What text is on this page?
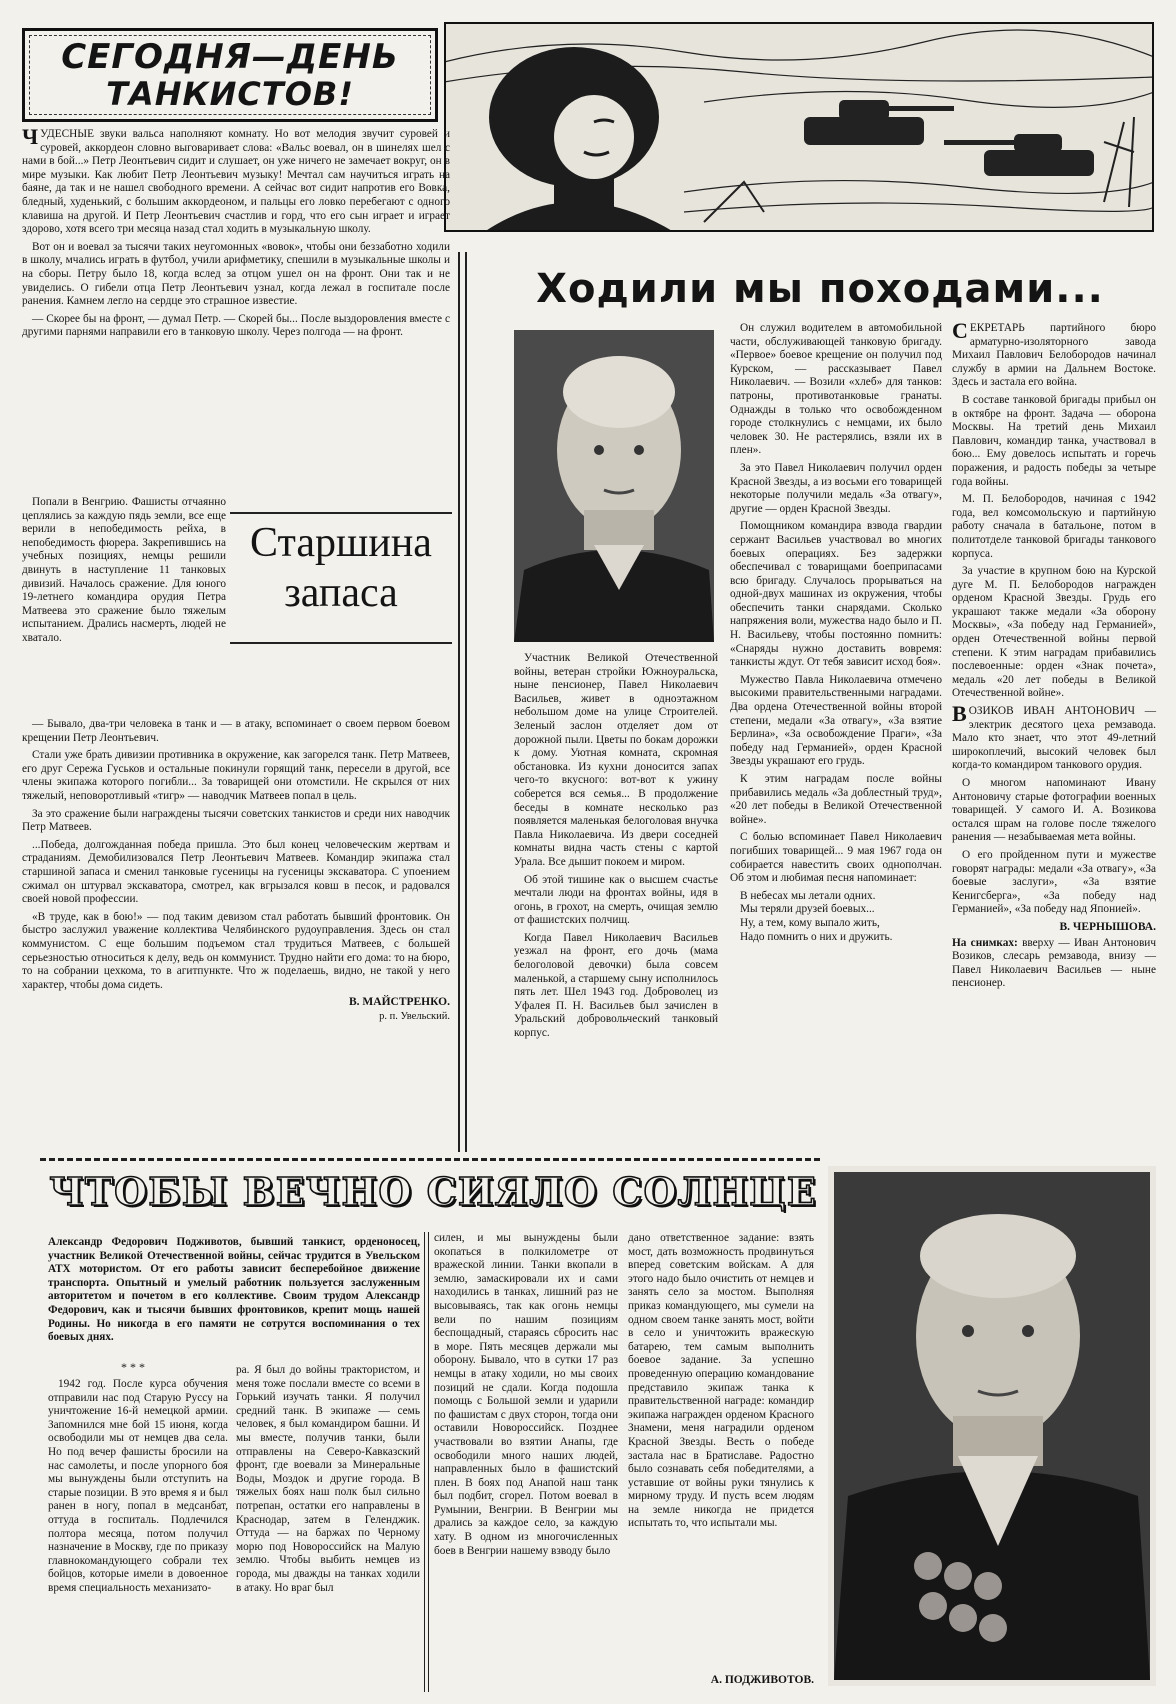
СЕГОДНЯ—ДЕНЬ
ТАНКИСТОВ!

ЧУДЕСНЫЕ звуки вальса наполняют комнату. Но вот мелодия звучит суровей и суровей, аккордеон словно выговаривает слова: «Вальс воевал, он в шинелях шел с нами в бой...» Петр Леонтьевич сидит и слушает, он уже ничего не замечает вокруг, он в мире музыки. Как любит Петр Леонтьевич музыку! Мечтал сам научиться играть на баяне, да так и не нашел свободного времени. А сейчас вот сидит напротив его Вовка, бледный, худенький, с большим аккордеоном, и пальцы его ловко перебегают с одного клавиша на другой. И Петр Леонтьевич счастлив и горд, что его сын играет и играет здорово, хотя всего три месяца назад стал ходить в музыкальную школу.

Вот он и воевал за тысячи таких неугомонных «вовок», чтобы они беззаботно ходили в школу, мчались играть в футбол, учили арифметику, спешили в музыкальные школы и на сборы. Петру было 18, когда вслед за отцом ушел он на фронт. Они так и не увиделись. О гибели отца Петр Леонтьевич узнал, когда лежал в госпитале после ранения. Камнем легло на сердце это страшное известие.

— Скорее бы на фронт, — думал Петр. — Скорей бы... После выздоровления вместе с другими парнями направили его в танковую школу. Через полгода — на фронт.

Попали в Венгрию. Фашисты отчаянно цеплялись за каждую пядь земли, все еще верили в непобедимость рейха, в непобедимость фюрера. Закрепившись на учебных позициях, немцы решили двинуть в наступление 11 танковых дивизий. Началось сражение. Для юного 19-летнего командира орудия Петра Матвеева это сражение было тяжелым испытанием. Дрались насмерть, людей не хватало.

Старшина
запаса

— Бывало, два-три человека в танк и — в атаку, вспоминает о своем первом боевом крещении Петр Леонтьевич.

Стали уже брать дивизии противника в окружение, как загорелся танк. Петр Матвеев, его друг Сережа Гуськов и остальные покинули горящий танк, пересели в другой, все члены экипажа которого погибли... За товарищей они отомстили. Не скрылся от них тяжелый, неповоротливый «тигр» — наводчик Матвеев попал в цель.

За это сражение были награждены тысячи советских танкистов и среди них наводчик Петр Матвеев.

...Победа, долгожданная победа пришла. Это был конец человеческим жертвам и страданиям. Демобилизовался Петр Леонтьевич Матвеев. Командир экипажа стал старшиной запаса и сменил танковые гусеницы на гусеницы экскаватора. С упоением сжимал он штурвал экскаватора, смотрел, как вгрызался ковш в песок, и радовался своей новой профессии.

«В труде, как в бою!» — под таким девизом стал работать бывший фронтовик. Он быстро заслужил уважение коллектива Челябинского рудоуправления. Здесь он стал коммунистом. С еще большим подъемом стал трудиться Матвеев, с большей серьезностью относиться к делу, ведь он коммунист. Трудно найти его дома: то на бюро, то на собрании цехкома, то в агитпункте. Что ж поделаешь, видно, не такой у него характер, чтобы дома сидеть.

В. МАЙСТРЕНКО.
р. п. Увельский.
Ходили мы походами...

Участник Великой Отечественной войны, ветеран стройки Южноуральска, ныне пенсионер, Павел Николаевич Васильев, живет в одноэтажном небольшом доме на улице Строителей. Зеленый заслон отделяет дом от дорожной пыли. Цветы по бокам дорожки к дому. Уютная комната, скромная обстановка. Из кухни доносится запах чего-то вкусного: вот-вот к ужину соберется вся семья... В продолжение беседы в комнате несколько раз появляется маленькая белоголовая внучка Павла Николаевича. Из двери соседней комнаты видна часть стены с картой Урала. Все дышит покоем и миром.

Об этой тишине как о высшем счастье мечтали люди на фронтах войны, идя в огонь, в грохот, на смерть, очищая землю от фашистских полчищ.

Когда Павел Николаевич Васильев уезжал на фронт, его дочь (мама белоголовой девочки) была совсем маленькой, а старшему сыну исполнилось пять лет. Шел 1943 год. Доброволец из Уфалея П. Н. Васильев был зачислен в Уральский добровольческий танковый корпус.

Он служил водителем в автомобильной части, обслуживающей танковую бригаду. «Первое» боевое крещение он получил под Курском, — рассказывает Павел Николаевич. — Возили «хлеб» для танков: патроны, противотанковые гранаты. Однажды в только что освобожденном городе столкнулись с немцами, их было человек 30. Не растерялись, взяли их в плен».

За это Павел Николаевич получил орден Красной Звезды, а из восьми его товарищей некоторые получили медаль «За отвагу», другие — орден Красной Звезды.

Помощником командира взвода гвардии сержант Васильев участвовал во многих боевых операциях. Без задержки обеспечивал с товарищами боеприпасами всю бригаду. Случалось прорываться на одной-двух машинах из окружения, чтобы обеспечить танки снарядами. Сколько напряжения воли, мужества надо было и П. Н. Васильеву, чтобы постоянно помнить: «Снаряды нужно доставить вовремя: танкисты ждут. От тебя зависит исход боя».

Мужество Павла Николаевича отмечено высокими правительственными наградами. Два ордена Отечественной войны второй степени, медали «За отвагу», «За взятие Берлина», «За освобождение Праги», «За победу над Германией», орден Красной Звезды украшают его грудь.

К этим наградам после войны прибавились медаль «За доблестный труд», «20 лет победы в Великой Отечественной войне».

С болью вспоминает Павел Николаевич погибших товарищей... 9 мая 1967 года он собирается навестить своих однополчан. Об этом и любимая песня напоминает:

В небесах мы летали одних.
Мы теряли друзей боевых...
Ну, а тем, кому выпало жить,
Надо помнить о них и дружить.

СЕКРЕТАРЬ партийного бюро арматурно-изоляторного завода Михаил Павлович Белобородов начинал службу в армии на Дальнем Востоке. Здесь и застала его война.

В составе танковой бригады прибыл он в октябре на фронт. Задача — оборона Москвы. На третий день Михаил Павлович, командир танка, участвовал в бою... Ему довелось испытать и горечь поражения, и радость победы за четыре года войны.

М. П. Белобородов, начиная с 1942 года, вел комсомольскую и партийную работу сначала в батальоне, потом в политотделе танковой бригады танкового корпуса.

За участие в крупном бою на Курской дуге М. П. Белобородов награжден орденом Красной Звезды. Грудь его украшают также медали «За оборону Москвы», «За победу над Германией», орден Отечественной войны первой степени. К этим наградам прибавились послевоенные: орден «Знак почета», медаль «20 лет победы в Великой Отечественной войне».

ВОЗИКОВ ИВАН АНТОНОВИЧ — электрик десятого цеха ремзавода. Мало кто знает, что этот 49-летний широкоплечий, высокий человек был когда-то командиром танкового орудия.

О многом напоминают Ивану Антоновичу старые фотографии военных товарищей. У самого И. А. Возикова остался шрам на голове после тяжелого ранения — незабываемая мета войны.

О его пройденном пути и мужестве говорят награды: медали «За отвагу», «За боевые заслуги», «За взятие Кенигсберга», «За победу над Германией», «За победу над Японией».

В. ЧЕРНЫШОВА.

На снимках: вверху — Иван Антонович Возиков, слесарь ремзавода, внизу — Павел Николаевич Васильев — ныне пенсионер.

ЧТОБЫ ВЕЧНО СИЯЛО СОЛНЦЕ
Александр Федорович Подживотов, бывший танкист, орденоносец, участник Великой Отечественной войны, сейчас трудится в Увельском АТХ мотористом. От его работы зависит бесперебойное движение транспорта. Опытный и умелый работник пользуется заслуженным авторитетом и почетом в его коллективе. Своим трудом Александр Федорович, как и тысячи бывших фронтовиков, крепит мощь нашей Родины. Но никогда в его памяти не сотрутся воспоминания о тех боевых днях.
* * *
1942 год. После курса обучения отправили нас под Старую Руссу на уничтожение 16-й немецкой армии. Запомнился мне бой 15 июня, когда освободили мы от немцев два села. Но под вечер фашисты бросили на нас самолеты, и после упорного боя мы вынуждены были отступить на старые позиции. В это время я и был ранен в ногу, попал в медсанбат, оттуда в госпиталь. Подлечился полтора месяца, потом получил назначение в Москву, где по приказу главнокомандующего собрали тех бойцов, которые имели в довоенное время специальность механизато-
ра. Я был до войны трактористом, и меня тоже послали вместе со всеми в Горький изучать танки. Я получил средний танк. В экипаже — семь человек, я был командиром башни. И мы вместе, получив танки, были отправлены на Северо-Кавказский фронт, где воевали за Минеральные Воды, Моздок и другие города. В тяжелых боях наш полк был сильно потрепан, остатки его направлены в Краснодар, затем в Геленджик. Оттуда — на баржах по Черному морю под Новороссийск на Малую землю. Чтобы выбить немцев из города, мы дважды на танках ходили в атаку. Но враг был
силен, и мы вынуждены были окопаться в полкилометре от вражеской линии. Танки вкопали в землю, замаскировали их и сами находились в танках, лишний раз не высовываясь, так как огонь немцы вели по нашим позициям беспощадный, стараясь сбросить нас в море. Пять месяцев держали мы оборону. Бывало, что в сутки 17 раз немцы в атаку ходили, но мы своих позиций не сдали. Когда подошла помощь с Большой земли и ударили по фашистам с двух сторон, тогда они оставили Новороссийск. Позднее участвовали во взятии Анапы, где освободили много наших людей, направленных было в фашистский плен. В боях под Анапой наш танк был подбит, сгорел. Потом воевал в Румынии, Венгрии. В Венгрии мы дрались за каждое село, за каждую хату. В одном из многочисленных боев в Венгрии нашему взводу было
дано ответственное задание: взять мост, дать возможность продвинуться вперед советским войскам. А для этого надо было очистить от немцев и занять село за мостом. Выполняя приказ командующего, мы сумели на одном своем танке занять мост, войти в село и уничтожить вражескую батарею, тем самым выполнить боевое задание. За успешно проведенную операцию командование представило экипаж танка к правительственной награде: командир экипажа награжден орденом Красного Знамени, меня наградили орденом Красной Звезды. Весть о победе застала нас в Братиславе. Радостно было сознавать себя победителями, а уставшие от войны руки тянулись к мирному труду. И пусть всем людям на земле никогда не придется испытать то, что испытали мы.
А. ПОДЖИВОТОВ.
